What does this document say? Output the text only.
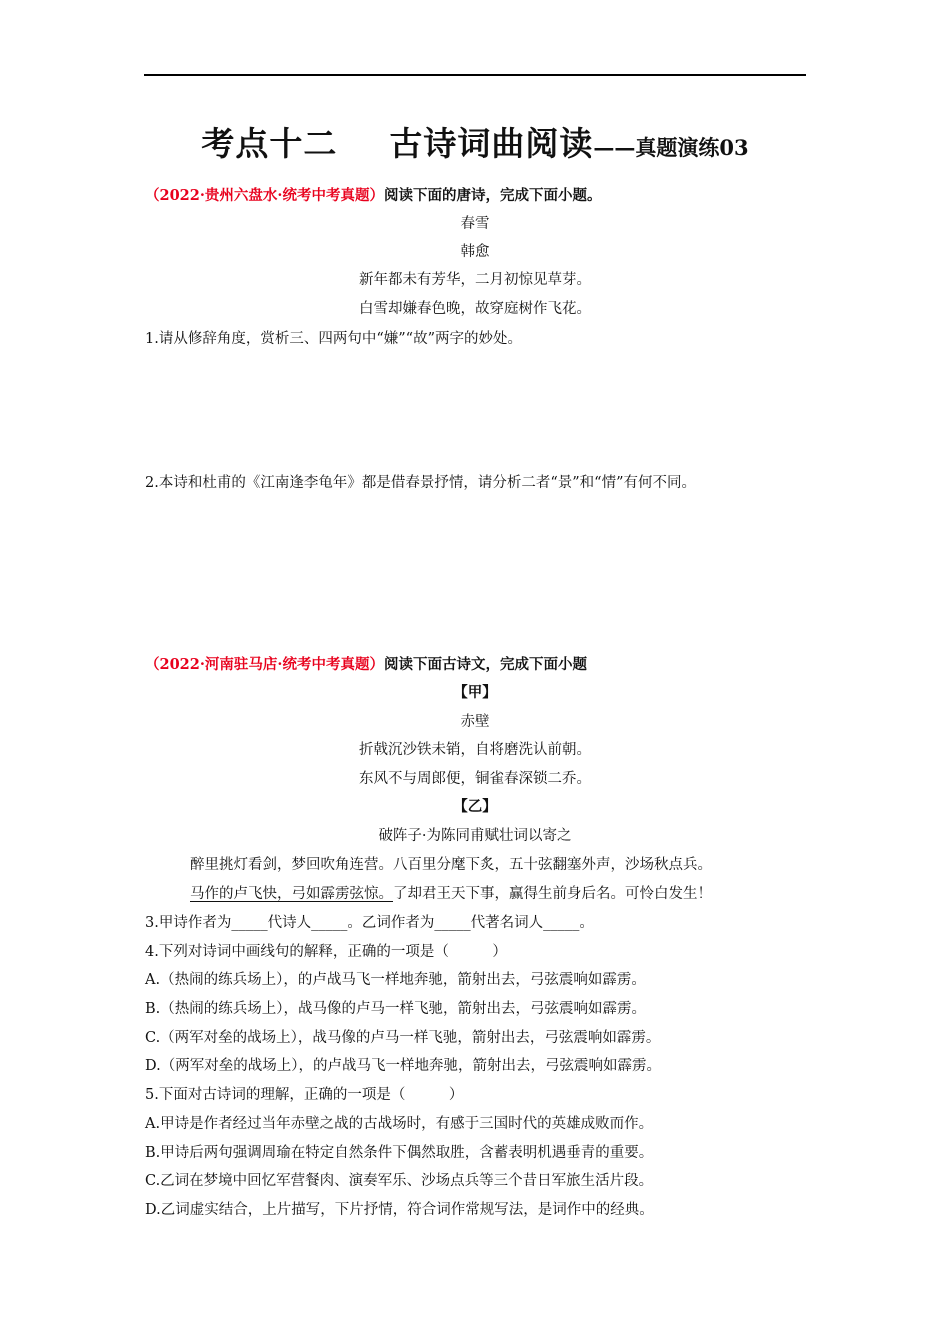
考点十二 古诗词曲阅读——真题演练03
（2022·贵州六盘水·统考中考真题）阅读下面的唐诗，完成下面小题。
春雪
韩愈
新年都未有芳华，二月初惊见草芽。
白雪却嫌春色晚，故穿庭树作飞花。
1.请从修辞角度，赏析三、四两句中“嫌”“故”两字的妙处。
2.本诗和杜甫的《江南逢李龟年》都是借春景抒情，请分析二者“景”和“情”有何不同。
（2022·河南驻马店·统考中考真题）阅读下面古诗文，完成下面小题
【甲】
赤壁
折戟沉沙铁未销，自将磨洗认前朝。
东风不与周郎便，铜雀春深锁二乔。
【乙】
破阵子·为陈同甫赋壮词以寄之
醉里挑灯看剑，梦回吹角连营。八百里分麾下炙，五十弦翻塞外声，沙场秋点兵。
马作的卢飞快，弓如霹雳弦惊。了却君王天下事，赢得生前身后名。可怜白发生！
3.甲诗作者为_____代诗人_____。乙词作者为_____代著名词人_____。
4.下列对诗词中画线句的解释，正确的一项是（　　　）
A.（热闹的练兵场上），的卢战马飞一样地奔驰，箭射出去，弓弦震响如霹雳。
B.（热闹的练兵场上），战马像的卢马一样飞驰，箭射出去，弓弦震响如霹雳。
C.（两军对垒的战场上），战马像的卢马一样飞驰，箭射出去，弓弦震响如霹雳。
D.（两军对垒的战场上），的卢战马飞一样地奔驰，箭射出去，弓弦震响如霹雳。
5.下面对古诗词的理解，正确的一项是（　　　）
A.甲诗是作者经过当年赤壁之战的古战场时，有感于三国时代的英雄成败而作。
B.甲诗后两句强调周瑜在特定自然条件下偶然取胜，含蓄表明机遇垂青的重要。
C.乙词在梦境中回忆军营餐肉、演奏军乐、沙场点兵等三个昔日军旅生活片段。
D.乙词虚实结合，上片描写，下片抒情，符合词作常规写法，是词作中的经典。
